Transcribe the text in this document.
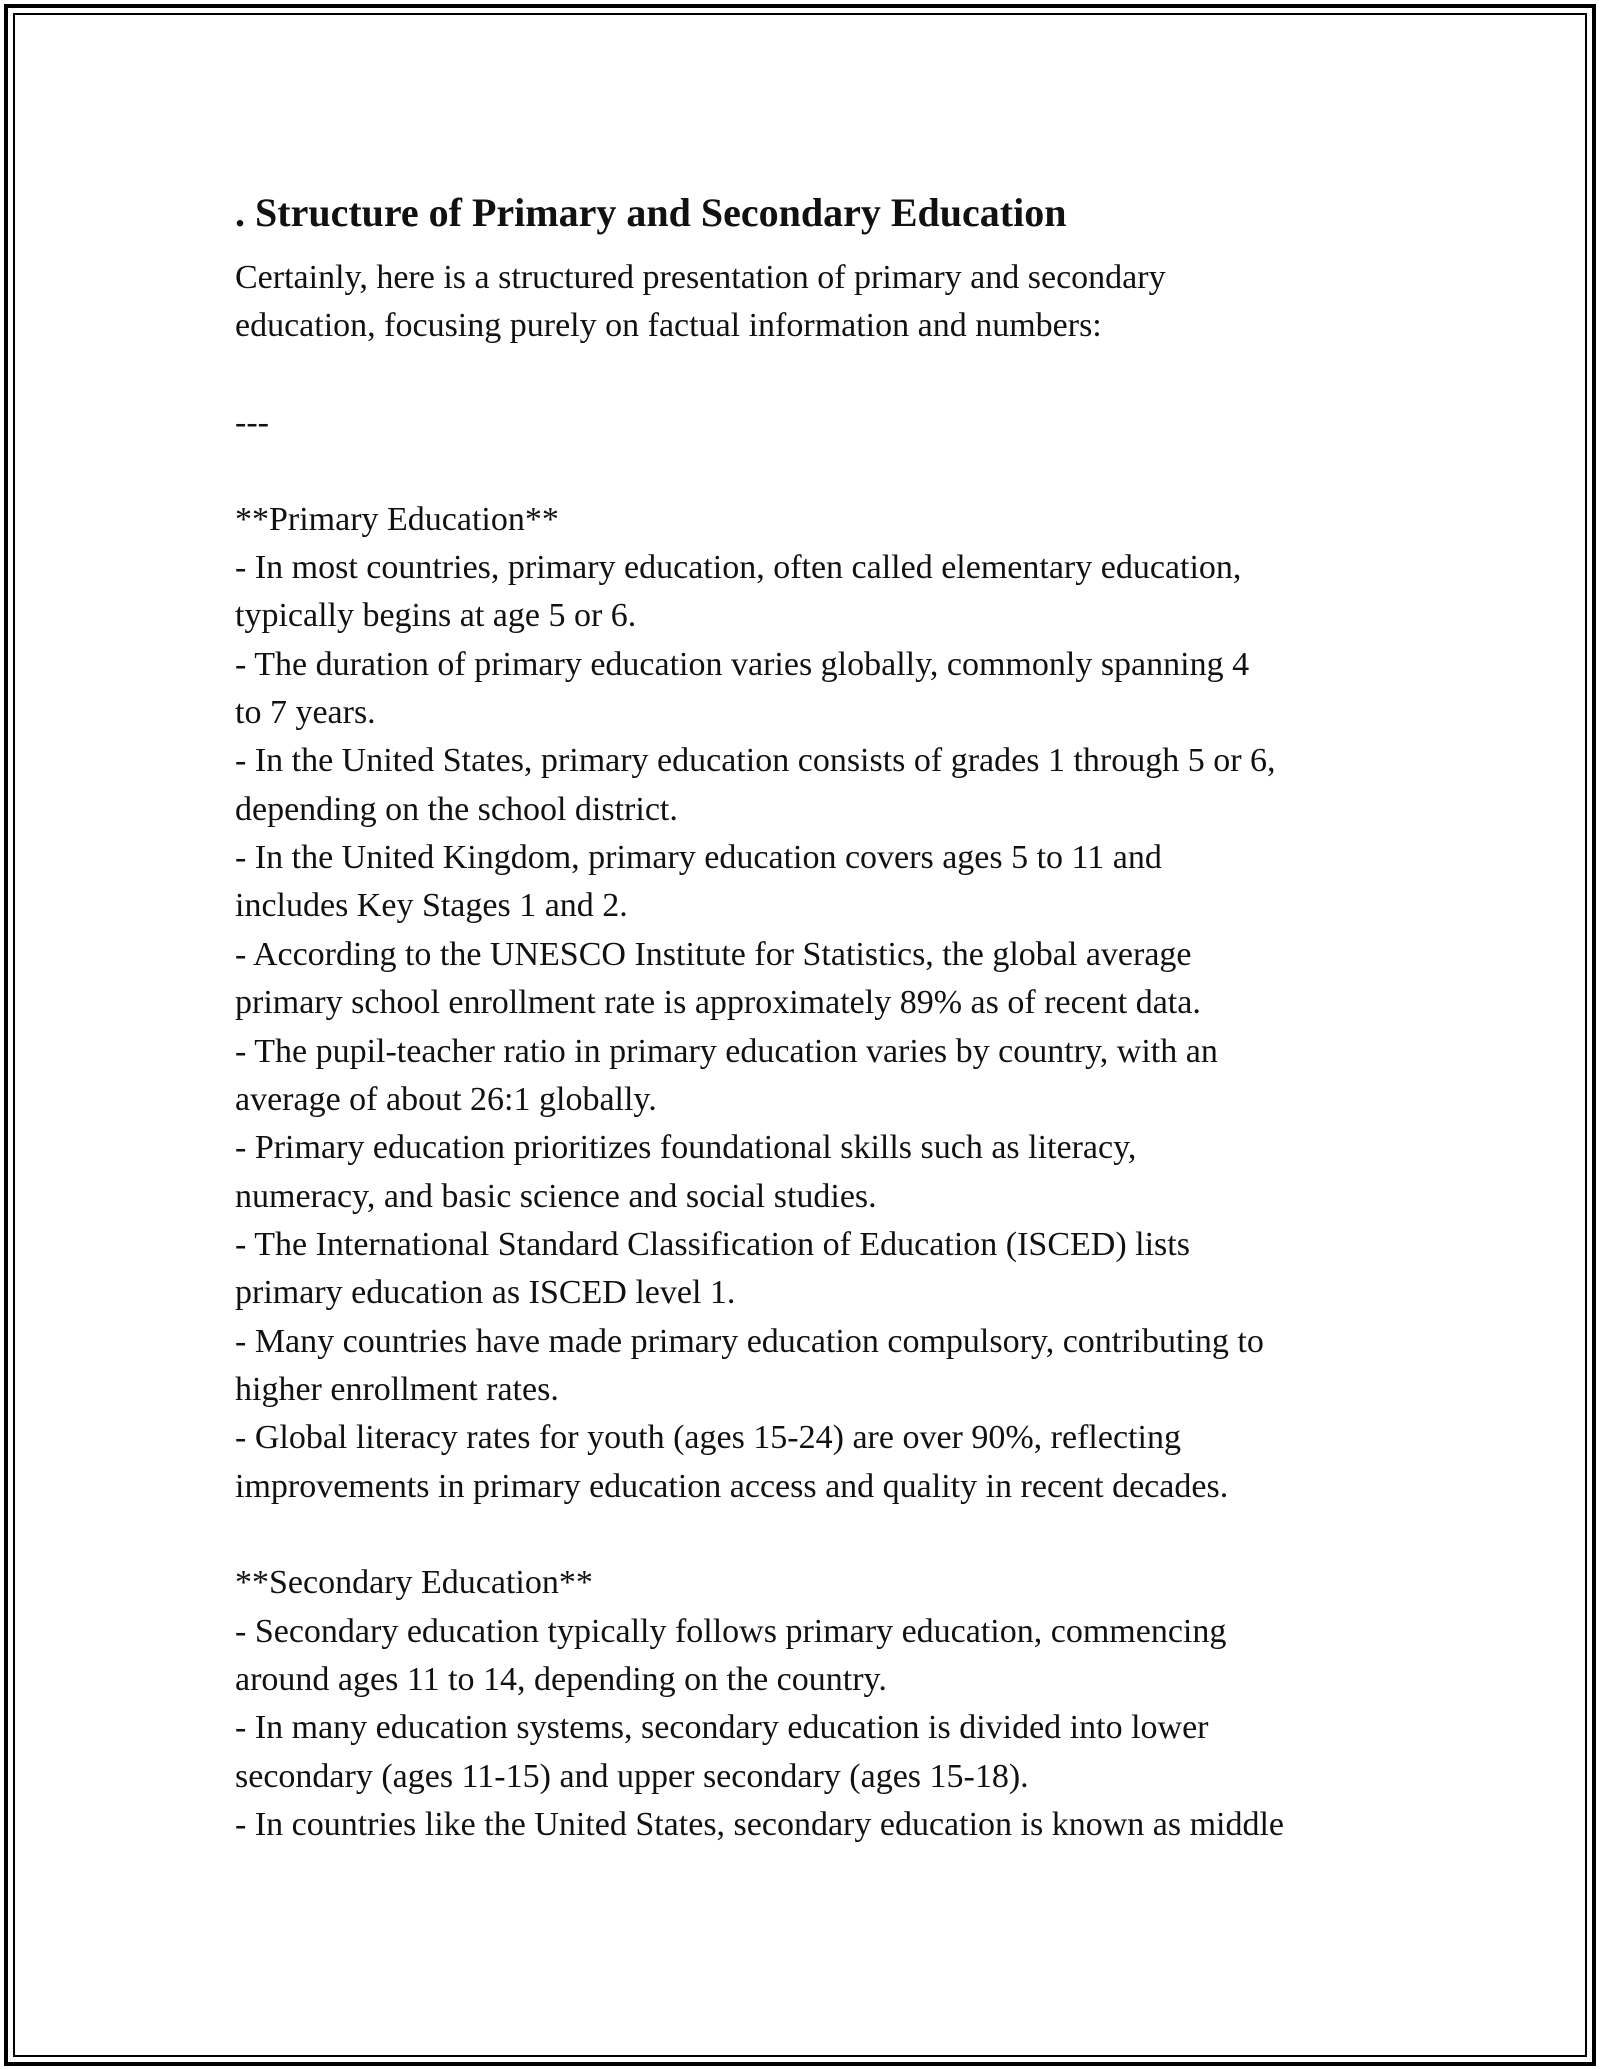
. Structure of Primary and Secondary Education
Certainly, here is a structured presentation of primary and secondary
education, focusing purely on factual information and numbers:
---
**Primary Education**
- In most countries, primary education, often called elementary education,
typically begins at age 5 or 6.
- The duration of primary education varies globally, commonly spanning 4
to 7 years.
- In the United States, primary education consists of grades 1 through 5 or 6,
depending on the school district.
- In the United Kingdom, primary education covers ages 5 to 11 and
includes Key Stages 1 and 2.
- According to the UNESCO Institute for Statistics, the global average
primary school enrollment rate is approximately 89% as of recent data.
- The pupil-teacher ratio in primary education varies by country, with an
average of about 26:1 globally.
- Primary education prioritizes foundational skills such as literacy,
numeracy, and basic science and social studies.
- The International Standard Classification of Education (ISCED) lists
primary education as ISCED level 1.
- Many countries have made primary education compulsory, contributing to
higher enrollment rates.
- Global literacy rates for youth (ages 15-24) are over 90%, reflecting
improvements in primary education access and quality in recent decades.
**Secondary Education**
- Secondary education typically follows primary education, commencing
around ages 11 to 14, depending on the country.
- In many education systems, secondary education is divided into lower
secondary (ages 11-15) and upper secondary (ages 15-18).
- In countries like the United States, secondary education is known as middle
